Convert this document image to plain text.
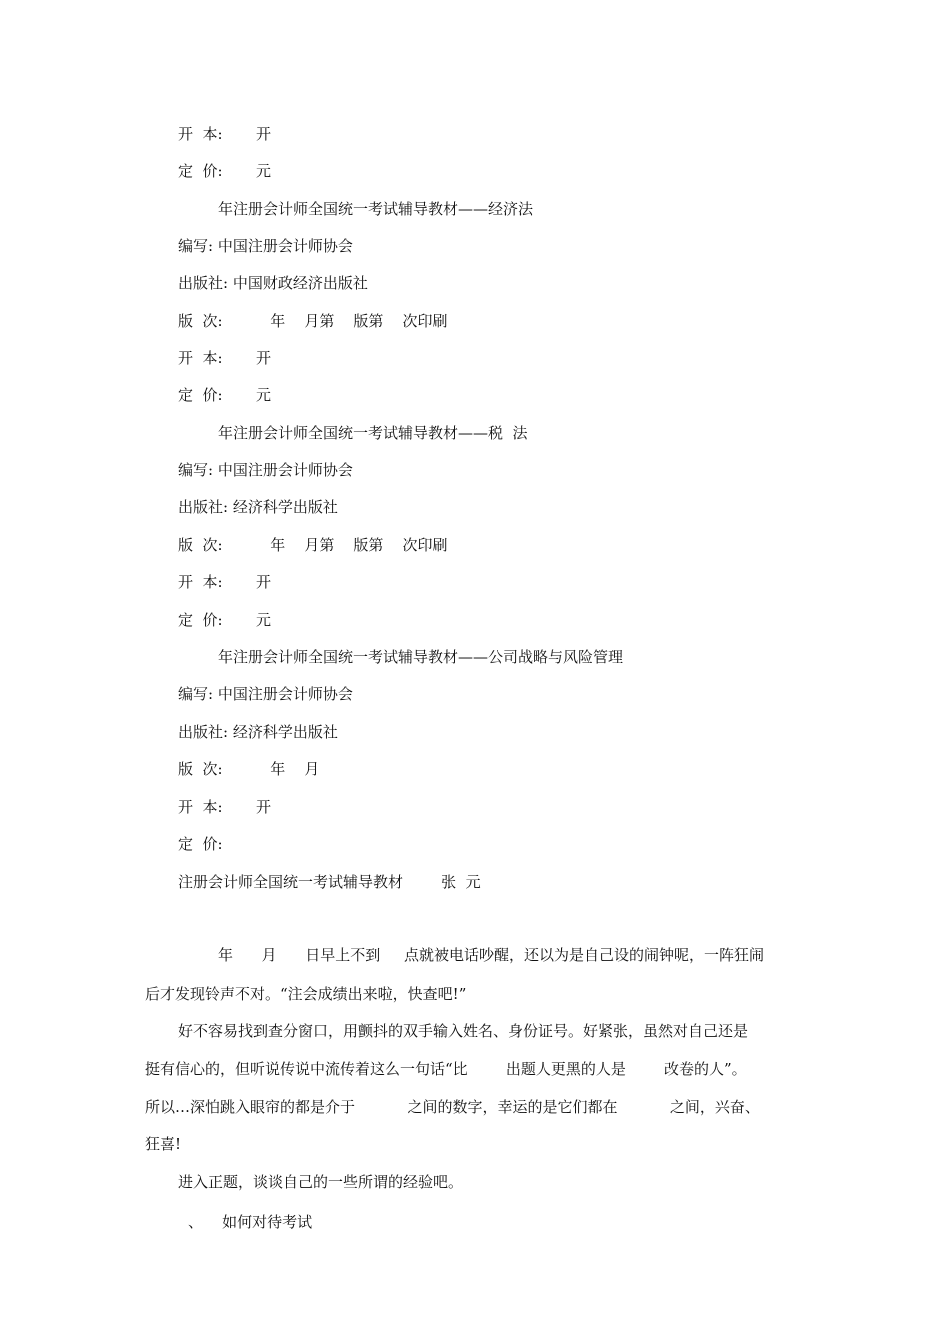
开  本: 开
定  价: 元
年注册会计师全国统一考试辅导教材——经济法
编写: 中国注册会计师协会
出版社: 中国财政经济出版社
版  次:          年    月第    版第    次印刷
开  本:       开
定  价:       元
年注册会计师全国统一考试辅导教材——税  法
编写: 中国注册会计师协会
出版社: 经济科学出版社
版  次:          年    月第    版第    次印刷
开  本:       开
定  价:       元
年注册会计师全国统一考试辅导教材——公司战略与风险管理
编写: 中国注册会计师协会
出版社: 经济科学出版社
版  次:          年    月
开  本:       开
定  价:
注册会计师全国统一考试辅导教材        张  元
年      月      日早上不到     点就被电话吵醒，还以为是自己设的闹钟呢，一阵狂闹
后才发现铃声不对。“注会成绩出来啦，快查吧!”
好不容易找到查分窗口，用颤抖的双手输入姓名、身份证号。好紧张，虽然对自己还是
挺有信心的，但听说传说中流传着这么一句话“比        出题人更黑的人是        改卷的人”。
所以…深怕跳入眼帘的都是介于           之间的数字，幸运的是它们都在           之间，兴奋、
狂喜!
进入正题，谈谈自己的一些所谓的经验吧。
、    如何对待考试
